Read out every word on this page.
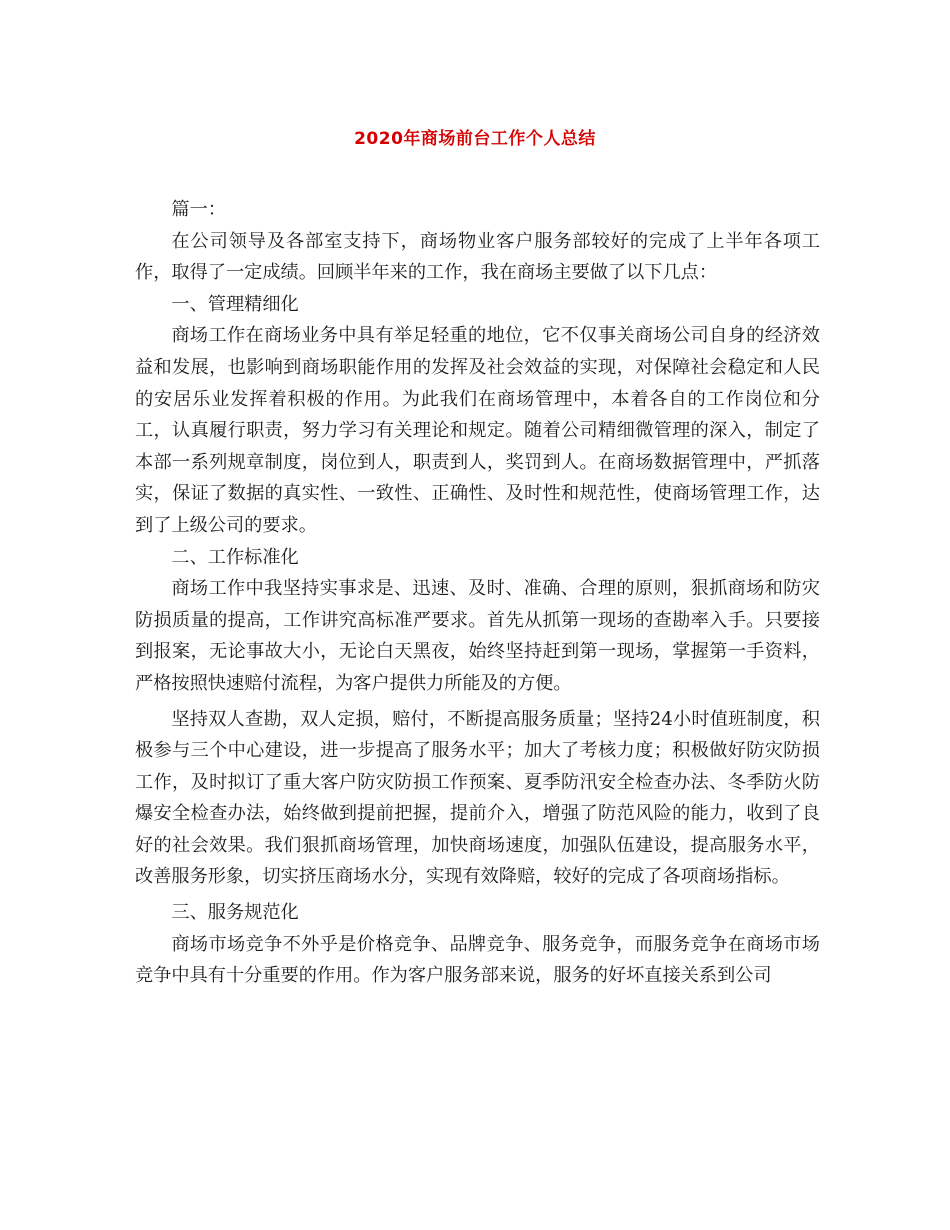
2020年商场前台工作个人总结

篇一：

在公司领导及各部室支持下，商场物业客户服务部较好的完成了上半年各项工作，取得了一定成绩。回顾半年来的工作，我在商场主要做了以下几点：

一、管理精细化

商场工作在商场业务中具有举足轻重的地位，它不仅事关商场公司自身的经济效益和发展，也影响到商场职能作用的发挥及社会效益的实现，对保障社会稳定和人民的安居乐业发挥着积极的作用。为此我们在商场管理中，本着各自的工作岗位和分工，认真履行职责，努力学习有关理论和规定。随着公司精细微管理的深入，制定了本部一系列规章制度，岗位到人，职责到人，奖罚到人。在商场数据管理中，严抓落实，保证了数据的真实性、一致性、正确性、及时性和规范性，使商场管理工作，达到了上级公司的要求。

二、工作标准化

商场工作中我坚持实事求是、迅速、及时、准确、合理的原则，狠抓商场和防灾防损质量的提高，工作讲究高标准严要求。首先从抓第一现场的查勘率入手。只要接到报案，无论事故大小，无论白天黑夜，始终坚持赶到第一现场，掌握第一手资料，严格按照快速赔付流程，为客户提供力所能及的方便。

坚持双人查勘，双人定损，赔付，不断提高服务质量；坚持24小时值班制度，积极参与三个中心建设，进一步提高了服务水平；加大了考核力度；积极做好防灾防损工作，及时拟订了重大客户防灾防损工作预案、夏季防汛安全检查办法、冬季防火防爆安全检查办法，始终做到提前把握，提前介入，增强了防范风险的能力，收到了良好的社会效果。我们狠抓商场管理，加快商场速度，加强队伍建设，提高服务水平，改善服务形象，切实挤压商场水分，实现有效降赔，较好的完成了各项商场指标。

三、服务规范化

商场市场竞争不外乎是价格竞争、品牌竞争、服务竞争，而服务竞争在商场市场竞争中具有十分重要的作用。作为客户服务部来说，服务的好坏直接关系到公司
